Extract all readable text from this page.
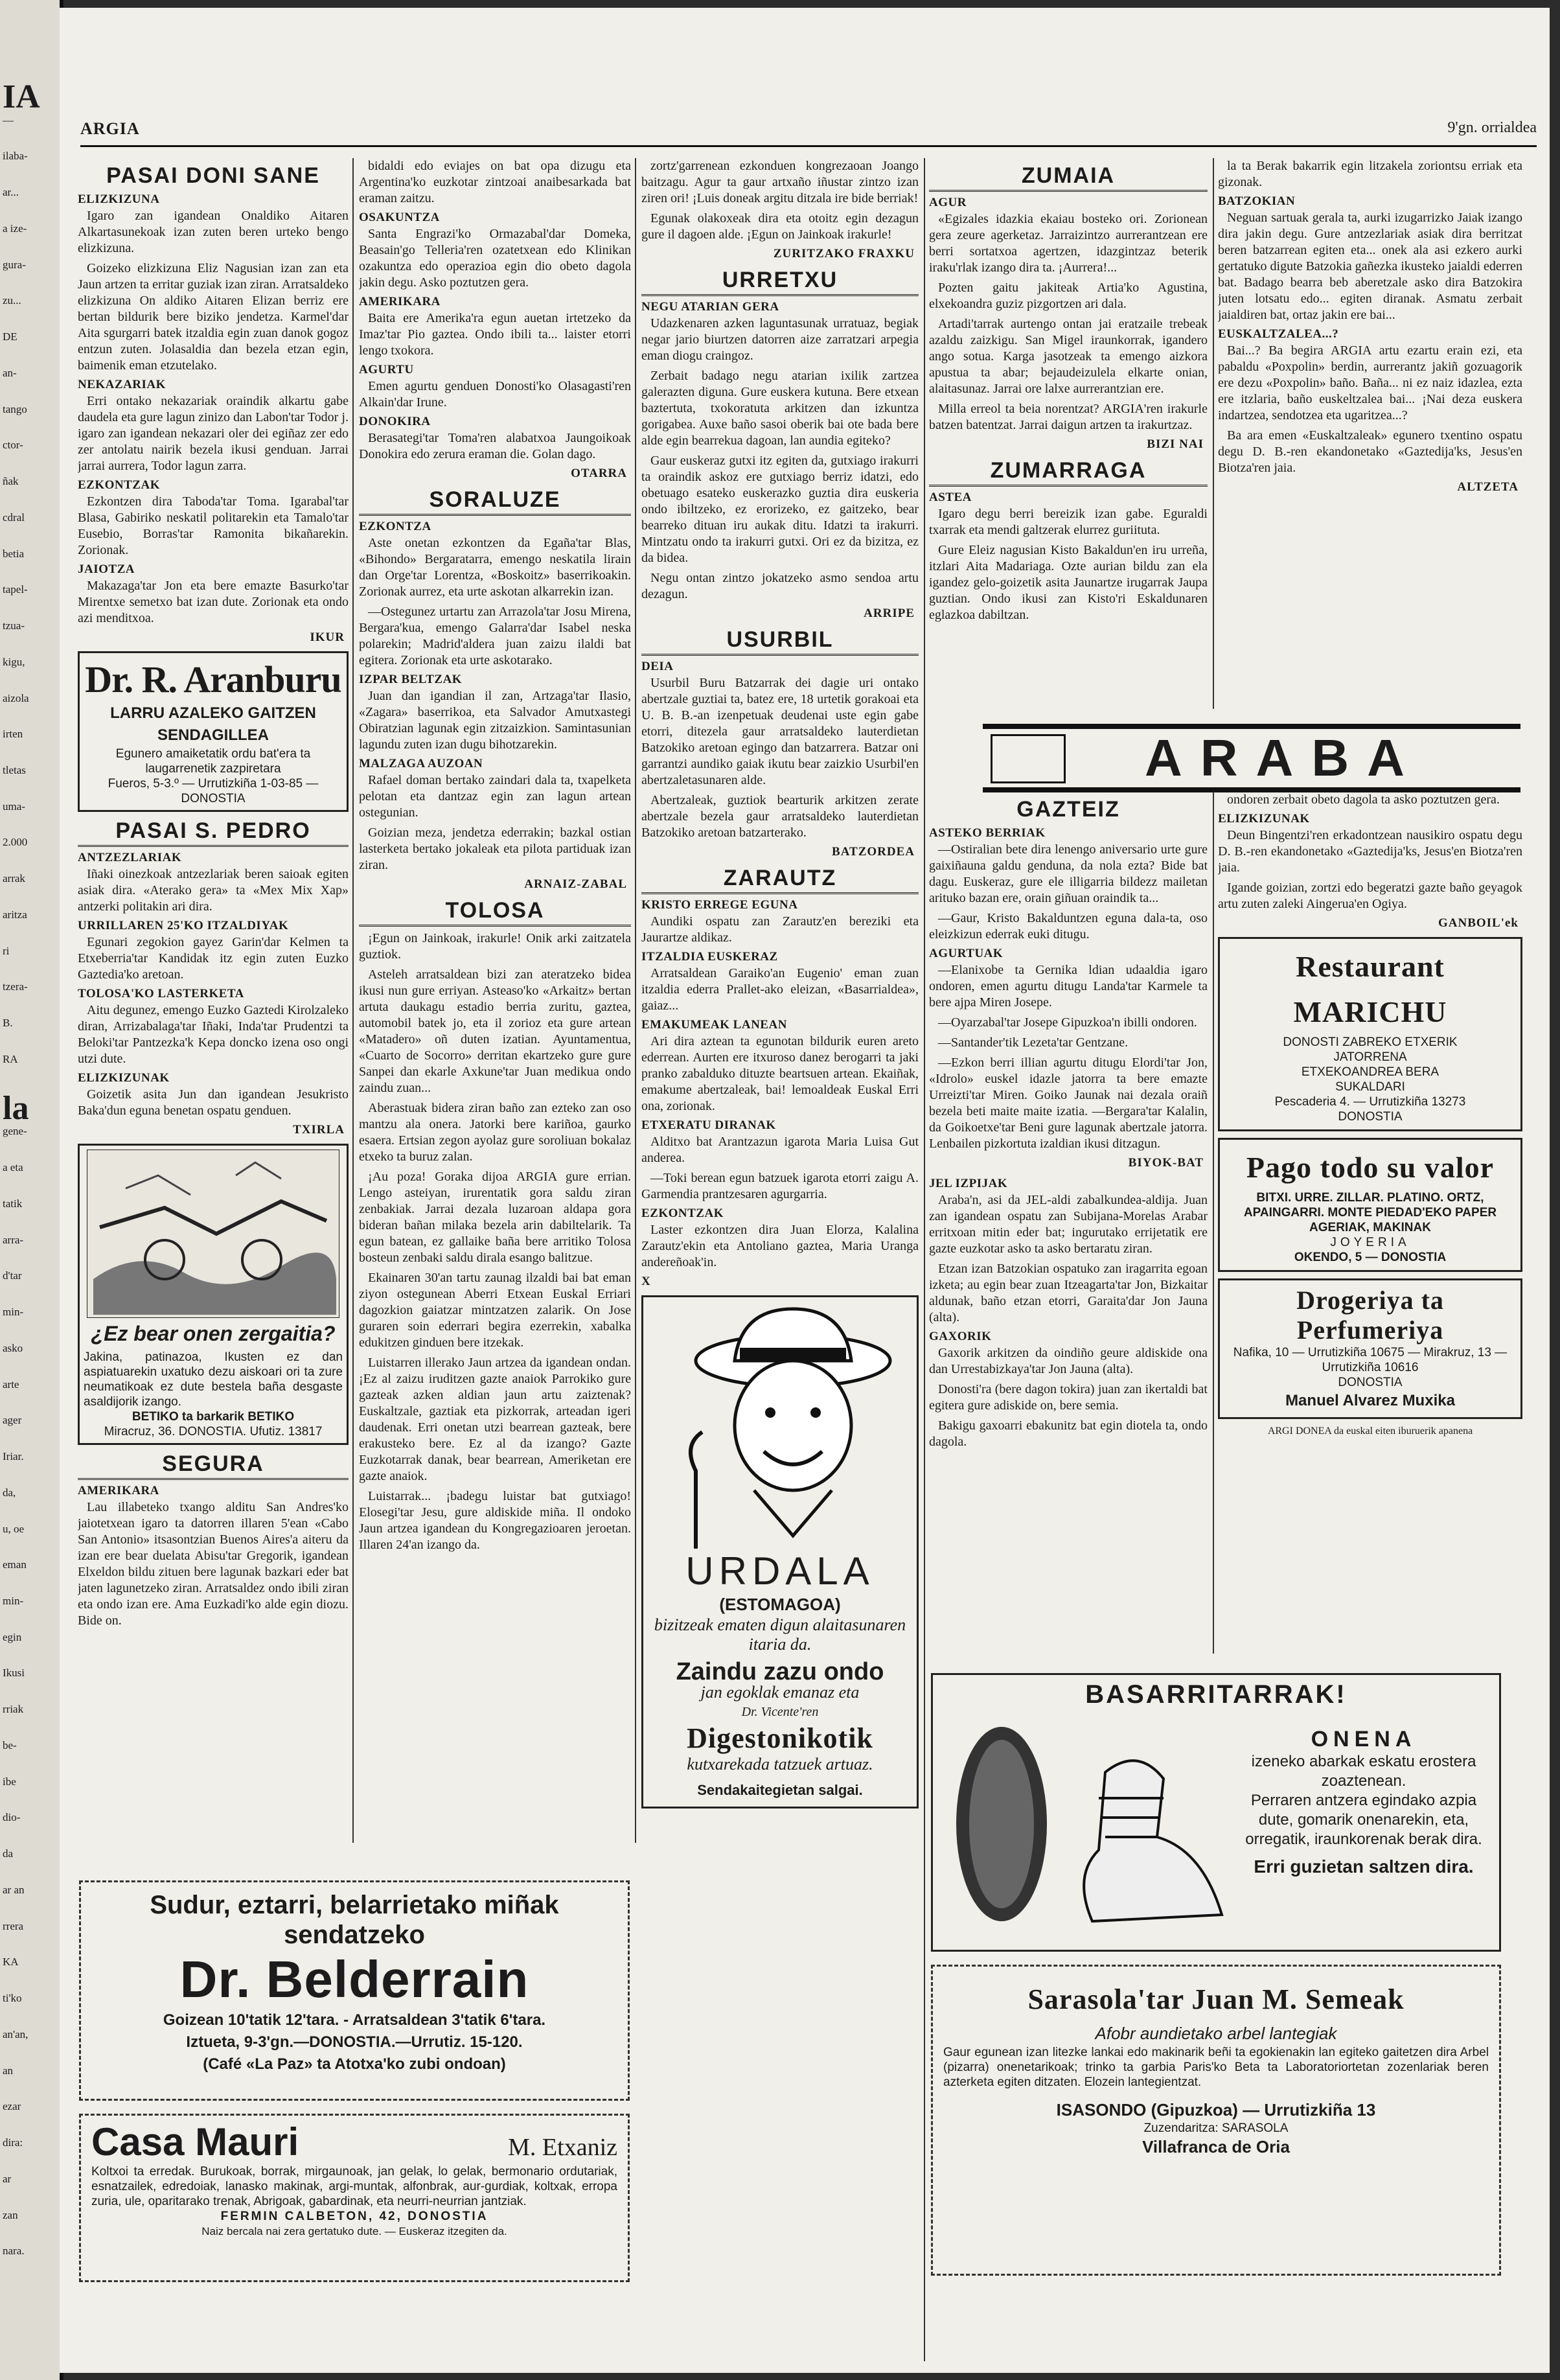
IA
—
ilaba-
ar...
a ize-
gura-
zu...
DE
an-
tango
ctor-
ñak
cdral
betia
tapel-
tzua-
kigu,
aizola
irten
tletas
uma-
2.000
arrak
aritza
ri
tzera-
B.
RA
la
gene-
a eta
tatik
arra-
d'tar
min-
asko
arte
ager
Iriar.
da,
u, oe
eman
min-
egin
Ikusi
rriak
be-
ibe
dio-
da
ar an
rrera
KA
ti'ko
an'an,
an
ezar
dira:
ar
zan
nara.
ARGIA	9'gn. orrialdea
PASAI DONI SANE
ELIZKIZUNA

Igaro zan igandean Onaldiko Aitaren Alkartasunekoak izan zuten beren urteko bengo elizkizuna.

Goizeko elizkizuna Eliz Nagusian izan zan eta Jaun artzen ta erritar guziak izan ziran. Arratsaldeko elizkizuna On aldiko Aitaren Elizan berriz ere bertan bildurik bere biziko jendetza. Karmel'dar Aita sgurgarri batek itzaldia egin zuan danok gogoz entzun zuten. Jolasaldia dan bezela etzan egin, baimenik eman etzutelako.

NEKAZARIAK

Erri ontako nekazariak oraindik alkartu gabe daudela eta gure lagun zinizo dan Labon'tar Todor j. igaro zan igandean nekazari oler dei egiñaz zer edo zer antolatu nairik bezela ikusi genduan. Jarrai jarrai aurrera, Todor lagun zarra.

EZKONTZAK

Ezkontzen dira Taboda'tar Toma. Igarabal'tar Blasa, Gabiriko neskatil politarekin eta Tamalo'tar Eusebio, Borras'tar Ramonita bikañarekin. Zorionak.

JAIOTZA

Makazaga'tar Jon eta bere emazte Basurko'tar Mirentxe semetxo bat izan dute. Zorionak eta ondo azi menditxoa.

IKUR
Dr. R. Aranburu
LARRU AZALEKO GAITZEN SENDAGILLEA
Egunero amaiketatik ordu bat'era ta laugarrenetik zazpiretara
Fueros, 5-3.º — Urrutizkiña 1-03-85 — DONOSTIA
PASAI S. PEDRO
ANTZEZLARIAK

Iñaki oinezkoak antzezlariak beren saioak egiten asiak dira. «Aterako gera» ta «Mex Mix Xap» antzerki politakin ari dira.

URRILLAREN 25'KO ITZALDIYAK

Egunari zegokion gayez Garin'dar Kelmen ta Etxeberria'tar Kandidak itz egin zuten Euzko Gaztedia'ko aretoan.

TOLOSA'KO LASTERKETA

Aitu degunez, emengo Euzko Gaztedi Kirolzaleko diran, Arrizabalaga'tar Iñaki, Inda'tar Prudentzi ta Beloki'tar Pantzezka'k Kepa doncko izena oso ongi utzi dute.

ELIZKIZUNAK

Goizetik asita Jun dan igandean Jesukristo Baka'dun eguna benetan ospatu genduen.

TXIRLA
¿Ez bear onen zergaitia?
Jakina, patinazoa, Ikusten ez dan aspiatuarekin uxatuko dezu aiskoari ori ta zure neumatikoak ez dute bestela baña desgaste asaldijorik izango.
BETIKO ta barkarik BETIKO
Miracruz, 36. DONOSTIA. Ufutiz. 13817
SEGURA
AMERIKARA

Lau illabeteko txango alditu San Andres'ko jaiotetxean igaro ta datorren illaren 5'ean «Cabo San Antonio» itsasontzian Buenos Aires'a aiteru da izan ere bear duelata Abisu'tar Gregorik, igandean Elxeldon bildu zituen bere lagunak bazkari eder bat jaten lagunetzeko ziran. Arratsaldez ondo ibili ziran eta ondo izan ere. Ama Euzkadi'ko alde egin diozu. Bide on.

bidaldi edo eviajes on bat opa dizugu eta Argentina'ko euzkotar zintzoai anaibesarkada bat eraman zaitzu.

OSAKUNTZA

Santa Engrazi'ko Ormazabal'dar Domeka, Beasain'go Telleria'ren ozatetxean edo Klinikan ozakuntza edo operazioa egin dio obeto dagola jakin degu. Asko poztutzen gera.

AMERIKARA

Baita ere Amerika'ra egun auetan irtetzeko da Imaz'tar Pio gaztea. Ondo ibili ta... laister etorri lengo txokora.

AGURTU

Emen agurtu genduen Donosti'ko Olasagasti'ren Alkain'dar Irune.

DONOKIRA

Berasategi'tar Toma'ren alabatxoa Jaungoikoak Donokira edo zerura eraman die. Golan dago.

OTARRA
SORALUZE
EZKONTZA

Aste onetan ezkontzen da Egaña'tar Blas, «Bihondo» Bergaratarra, emengo neskatila lirain dan Orge'tar Lorentza, «Boskoitz» baserrikoakin. Zorionak aurrez, eta urte askotan alkarrekin izan.

—Ostegunez urtartu zan Arrazola'tar Josu Mirena, Bergara'kua, emengo Galarra'dar Isabel neska polarekin; Madrid'aldera juan zaizu ilaldi bat egitera. Zorionak eta urte askotarako.

IZPAR BELTZAK

Juan dan igandian il zan, Artzaga'tar Ilasio, «Zagara» baserrikoa, eta Salvador Amutxastegi Obiratzian lagunak egin zitzaizkion. Samintasunian lagundu zuten izan dugu bihotzarekin.

MALZAGA AUZOAN

Rafael doman bertako zaindari dala ta, txapelketa pelotan eta dantzaz egin zan lagun artean ostegunian.

Goizian meza, jendetza ederrakin; bazkal ostian lasterketa bertako jokaleak eta pilota partiduak izan ziran.

ARNAIZ-ZABAL
TOLOSA

¡Egun on Jainkoak, irakurle! Onik arki zaitzatela guztiok.

Asteleh arratsaldean bizi zan ateratzeko bidea ikusi nun gure erriyan. Asteaso'ko «Arkaitz» bertan artuta daukagu estadio berria zuritu, gaztea, automobil batek jo, eta il zorioz eta gure artean «Matadero» oñ duten izatian. Ayuntamentua, «Cuarto de Socorro» derritan ekartzeko gure gure Sanpei dan ekarle Axkune'tar Juan medikua ondo zaindu zuan...

Aberastuak bidera ziran baño zan ezteko zan oso mantzu ala onera. Jatorki bere kariñoa, gaurko esaera. Ertsian zegon ayolaz gure soroliuan bokalaz etxeko ta buruz zalan.

¡Au poza! Goraka dijoa ARGIA gure errian. Lengo asteiyan, irurentatik gora saldu ziran zenbakiak. Jarrai dezala luzaroan aldapa gora bideran bañan milaka bezela arin dabiltelarik. Ta egun batean, ez gallaike baña bere arritiko Tolosa bosteun zenbaki saldu dirala esango balitzue.

Ekainaren 30'an tartu zaunag ilzaldi bai bat eman ziyon ostegunean Aberri Etxean Euskal Erriari dagozkion gaiatzar mintzatzen zalarik. On Jose guraren soin ederrari begira ezerrekin, xabalka edukitzen ginduen bere itzekak.

Luistarren illerako Jaun artzea da igandean ondan. ¡Ez al zaizu iruditzen gazte anaiok Parrokiko gure gazteak azken aldian jaun artu zaiztenak? Euskaltzale, gaztiak eta pizkorrak, arteadan igeri daudenak. Erri onetan utzi bearrean gazteak, bere erakusteko bere. Ez al da izango? Gazte Euzkotarrak danak, bear bearrean, Ameriketan ere gazte anaiok.

Luistarrak... ¡badegu luistar bat gutxiago! Elosegi'tar Jesu, gure aldiskide miña. Il ondoko Jaun artzea igandean du Kongregazioaren jeroetan. Illaren 24'an izango da.

zortz'garrenean ezkonduen kongrezaoan Joango baitzagu. Agur ta gaur artxaño iñustar zintzo izan ziren ori! ¡Luis doneak argitu ditzala ire bide berriak!

Egunak olakoxeak dira eta otoitz egin dezagun gure il dagoen alde. ¡Egun on Jainkoak irakurle!

ZURITZAKO FRAXKU
URRETXU
NEGU ATARIAN GERA

Udazkenaren azken laguntasunak urratuaz, begiak negar jario biurtzen datorren aize zarratzari arpegia eman diogu craingoz.

Zerbait badago negu atarian ixilik zartzea galerazten diguna. Gure euskera kutuna. Bere etxean baztertuta, txokoratuta arkitzen dan izkuntza gorigabea. Auxe baño sasoi oberik bai ote bada bere alde egin bearrekua dagoan, lan aundia egiteko?

Gaur euskeraz gutxi itz egiten da, gutxiago irakurri ta oraindik askoz ere gutxiago berriz idatzi, edo obetuago esateko euskerazko guztia dira euskeria ondo ibiltzeko, ez erorizeko, ez gaitzeko, bear bearreko dituan iru aukak ditu. Idatzi ta irakurri. Mintzatu ondo ta irakurri gutxi. Ori ez da bizitza, ez da bidea.

Negu ontan zintzo jokatzeko asmo sendoa artu dezagun.

ARRIPE
USURBIL
DEIA

Usurbil Buru Batzarrak dei dagie uri ontako abertzale guztiai ta, batez ere, 18 urtetik gorakoai eta U. B. B.-an izenpetuak deudenai uste egin gabe etorri, ditezela gaur arratsaldeko lauterdietan Batzokiko aretoan egingo dan batzarrera. Batzar oni garrantzi aundiko gaiak ikutu bear zaizkio Usurbil'en abertzaletasunaren alde.

Abertzaleak, guztiok bearturik arkitzen zerate abertzale bezela gaur arratsaldeko lauterdietan Batzokiko aretoan batzarterako.

BATZORDEA
ZARAUTZ
KRISTO ERREGE EGUNA

Aundiki ospatu zan Zarautz'en bereziki eta Jaurartze aldikaz.

ITZALDIA EUSKERAZ

Arratsaldean Garaiko'an Eugenio' eman zuan itzaldia ederra Prallet-ako eleizan, «Basarrialdea», gaiaz...

EMAKUMEAK LANEAN

Ari dira aztean ta egunotan bildurik euren areto ederrean. Aurten ere itxuroso danez berogarri ta jaki pranko zabalduko dituzte beartsuen artean. Ekaiñak, emakume abertzaleak, bai! lemoaldeak Euskal Erri ona, zorionak.

ETXERATU DIRANAK

Alditxo bat Arantzazun igarota Maria Luisa Gut anderea.

—Toki berean egun batzuek igarota etorri zaigu A. Garmendia prantzesaren agurgarria.

EZKONTZAK

Laster ezkontzen dira Juan Elorza, Kalalina Zarautz'ekin eta Antoliano gaztea, Maria Uranga andereñoak'in.

X
URDALA
(ESTOMAGOA)
bizitzeak ematen digun alaitasunaren itaria da.
Zaindu zazu ondo
jan egoklak emanaz eta
Dr. Vicente'ren
Digestonikotik
kutxarekada tatzuek artuaz.
Sendakaitegietan salgai.
ZUMAIA
AGUR

«Egizales idazkia ekaiau bosteko ori. Zorionean gera zeure agerketaz. Jarraizintzo aurrerantzean ere berri sortatxoa agertzen, idazgintzaz beterik iraku'rlak izango dira ta. ¡Aurrera!...

Pozten gaitu jakiteak Artia'ko Agustina, elxekoandra guziz pizgortzen ari dala.

Artadi'tarrak aurtengo ontan jai eratzaile trebeak azaldu zaizkigu. San Migel iraunkorrak, igandero ango sotua. Karga jasotzeak ta emengo aizkora apustua ta abar; bejaudeizulela elkarte onian, alaitasunaz. Jarrai ore lalxe aurrerantzian ere.

Milla erreol ta beia norentzat? ARGIA'ren irakurle batzen batentzat. Jarrai daigun artzen ta irakurtzaz.

BIZI NAI
ZUMARRAGA
ASTEA

Igaro degu berri bereizik izan gabe. Eguraldi txarrak eta mendi galtzerak elurrez guriituta.

Gure Eleiz nagusian Kisto Bakaldun'en iru urreña, itzlari Aita Madariaga. Ozte aurian bildu zan ela igandez gelo-goizetik asita Jaunartze irugarrak Jaupa guztian. Ondo ikusi zan Kisto'ri Eskaldunaren eglazkoa dabiltzan.

la ta Berak bakarrik egin litzakela zoriontsu erriak eta gizonak.

BATZOKIAN

Neguan sartuak gerala ta, aurki izugarrizko Jaiak izango dira jakin degu. Gure antzezlariak asiak dira berritzat beren batzarrean egiten eta... onek ala asi ezkero aurki gertatuko digute Batzokia gañezka ikusteko jaialdi ederren bat. Badago bearra beb aberetzale asko dira Batzokira juten lotsatu edo... egiten diranak. Asmatu zerbait jaialdiren bat, ortaz jakin ere bai...

EUSKALTZALEA...?

Bai...? Ba begira ARGIA artu ezartu erain ezi, eta pabaldu «Poxpolin» berdin, aurrerantz jakiñ gozuagorik ere dezu «Poxpolin» baño. Baña... ni ez naiz idazlea, ezta ere itzlaria, baño euskeltzalea bai... ¡Nai deza euskera indartzea, sendotzea eta ugaritzea...?

Ba ara emen «Euskaltzaleak» egunero txentino ospatu degu D. B.-ren ekandonetako «Gaztedija'ks, Jesus'en Biotza'ren jaia.

ALTZETA
ARABA
GAZTEIZ
ASTEKO BERRIAK

—Ostiralian bete dira lenengo aniversario urte gure gaixiñauna galdu genduna, da nola ezta? Bide bat dagu. Euskeraz, gure ele illigarria bildezz mailetan arituko bazan ere, orain giñuan oraindik ta...

—Gaur, Kristo Bakalduntzen eguna dala-ta, oso eleizkizun ederrak euki ditugu.

AGURTUAK

—Elanixobe ta Gernika ldian udaaldia igaro ondoren, emen agurtu ditugu Landa'tar Karmele ta bere ajpa Miren Josepe.

—Oyarzabal'tar Josepe Gipuzkoa'n ibilli ondoren.

—Santander'tik Lezeta'tar Gentzane.

—Ezkon berri illian agurtu ditugu Elordi'tar Jon, «Idrolo» euskel idazle jatorra ta bere emazte Urreizti'tar Miren. Goiko Jaunak nai dezala oraiñ bezela beti maite maite izatia. —Bergara'tar Kalalin, da Goikoetxe'tar Beni gure lagunak abertzale jatorra. Lenbailen pizkortuta izaldian ikusi ditzagun.

BIYOK-BAT
JEL IZPIJAK

Araba'n, asi da JEL-aldi zabalkundea-aldija. Juan zan igandean ospatu zan Subijana-Morelas Arabar erritxoan mitin eder bat; ingurutako errijetatik ere gazte euzkotar asko ta asko bertaratu ziran.

Etzan izan Batzokian ospatuko zan iragarrita egoan izketa; au egin bear zuan Itzeagarta'tar Jon, Bizkaitar aldunak, baño etzan etorri, Garaita'dar Jon Jauna (alta).

GAXORIK

Gaxorik arkitzen da oindiño geure aldiskide ona dan Urrestabizkaya'tar Jon Jauna (alta).

Donosti'ra (bere dagon tokira) juan zan ikertaldi bat egitera gure adiskide on, bere semia.

Bakigu gaxoarri ebakunitz bat egin diotela ta, ondo dagola.

ondoren zerbait obeto dagola ta asko poztutzen gera.

ELIZKIZUNAK

Deun Bingentzi'ren erkadontzean nausikiro ospatu degu D. B.-ren ekandonetako «Gaztedija'ks, Jesus'en Biotza'ren jaia.

Igande goizian, zortzi edo begeratzi gazte baño geyagok artu zuten zaleki Aingerua'en Ogiya.

GANBOIL'ek
Restaurant MARICHU
DONOSTI ZABREKO ETXERIK
JATORRENA
ETXEKOANDREA BERA
SUKALDARI
Pescaderia 4. — Urrutizkiña 13273
DONOSTIA
Pago todo su valor
BITXI. URRE. ZILLAR. PLATINO. ORTZ, APAINGARRI. MONTE PIEDAD'EKO PAPER AGERIAK, MAKINAK
JOYERIA
OKENDO, 5 — DONOSTIA
Drogeriya ta Perfumeriya
Nafika, 10 — Urrutizkiña 10675 — Mirakruz, 13 — Urrutizkiña 10616
DONOSTIA
Manuel Alvarez Muxika
ARGI DONEA da euskal eiten iburuerik apanena
BASARRITARRAK!
ONENA
izeneko abarkak eskatu erostera zoaztenean.
Perraren antzera egindako azpia dute, gomarik onenarekin, eta, orregatik, iraunkorenak berak dira.
Erri guzietan saltzen dira.
Sarasola'tar Juan M. Semeak
Afobr aundietako arbel lantegiak
Gaur egunean izan litezke lankai edo makinarik beñi ta egokienakin lan egiteko gaitetzen dira Arbel (pizarra) onenetarikoak; trinko ta garbia Paris'ko Beta ta Laboratoriortetan zozenlariak beren azterketa egiten ditzaten. Elozein lantegientzat.
ISASONDO (Gipuzkoa) — Urrutizkiña 13
Zuzendaritza: SARASOLA
Villafranca de Oria
Sudur, eztarri, belarrietako miñak sendatzeko
Dr. Belderrain
Goizean 10'tatik 12'tara. - Arratsaldean 3'tatik 6'tara.
Iztueta, 9-3'gn.—DONOSTIA.—Urrutiz. 15-120.
(Café «La Paz» ta Atotxa'ko zubi ondoan)
Casa Mauri	M. Etxaniz
Koltxoi ta erredak. Burukoak, borrak, mirgaunoak, jan gelak, lo gelak, bermonario ordutariak, esnatzailek, edredoiak, lanasko makinak, argi-muntak, alfonbrak, aur-gurdiak, koltxak, erropa zuria, ule, oparitarako trenak, Abrigoak, gabardinak, eta neurri-neurrian jantziak.
FERMIN CALBETON, 42, DONOSTIA
Naiz bercala nai zera gertatuko dute. — Euskeraz itzegiten da.
